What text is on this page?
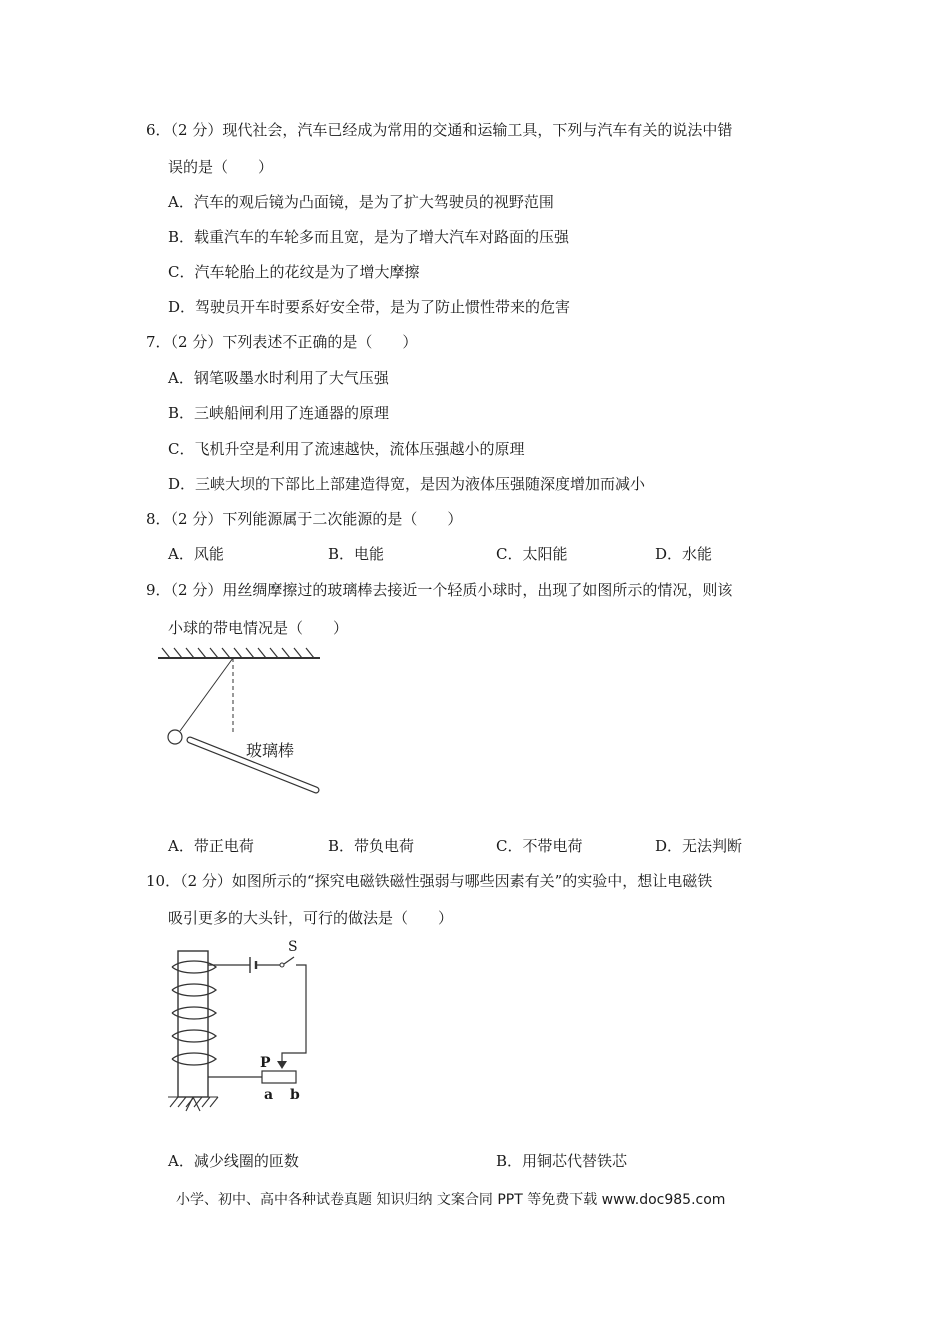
6．（2 分）现代社会，汽车已经成为常用的交通和运输工具，下列与汽车有关的说法中错
误的是（　　）
A．汽车的观后镜为凸面镜，是为了扩大驾驶员的视野范围
B．载重汽车的车轮多而且宽，是为了增大汽车对路面的压强
C．汽车轮胎上的花纹是为了增大摩擦
D．驾驶员开车时要系好安全带，是为了防止惯性带来的危害
7．（2 分）下列表述不正确的是（　　）
A．钢笔吸墨水时利用了大气压强
B．三峡船闸利用了连通器的原理
C．飞机升空是利用了流速越快，流体压强越小的原理
D．三峡大坝的下部比上部建造得宽，是因为液体压强随深度增加而减小
8．（2 分）下列能源属于二次能源的是（　　）
A．风能	B．电能	C．太阳能	D．水能
9．（2 分）用丝绸摩擦过的玻璃棒去接近一个轻质小球时，出现了如图所示的情况，则该
小球的带电情况是（　　）
玻璃棒
A．带正电荷	B．带负电荷	C．不带电荷	D．无法判断
10．（2 分）如图所示的“探究电磁铁磁性强弱与哪些因素有关”的实验中，想让电磁铁
吸引更多的大头针，可行的做法是（　　）
S
P
a b
A．减少线圈的匝数	B．用铜芯代替铁芯
小学、初中、高中各种试卷真题 知识归纳 文案合同 PPT 等免费下载 www.doc985.com
